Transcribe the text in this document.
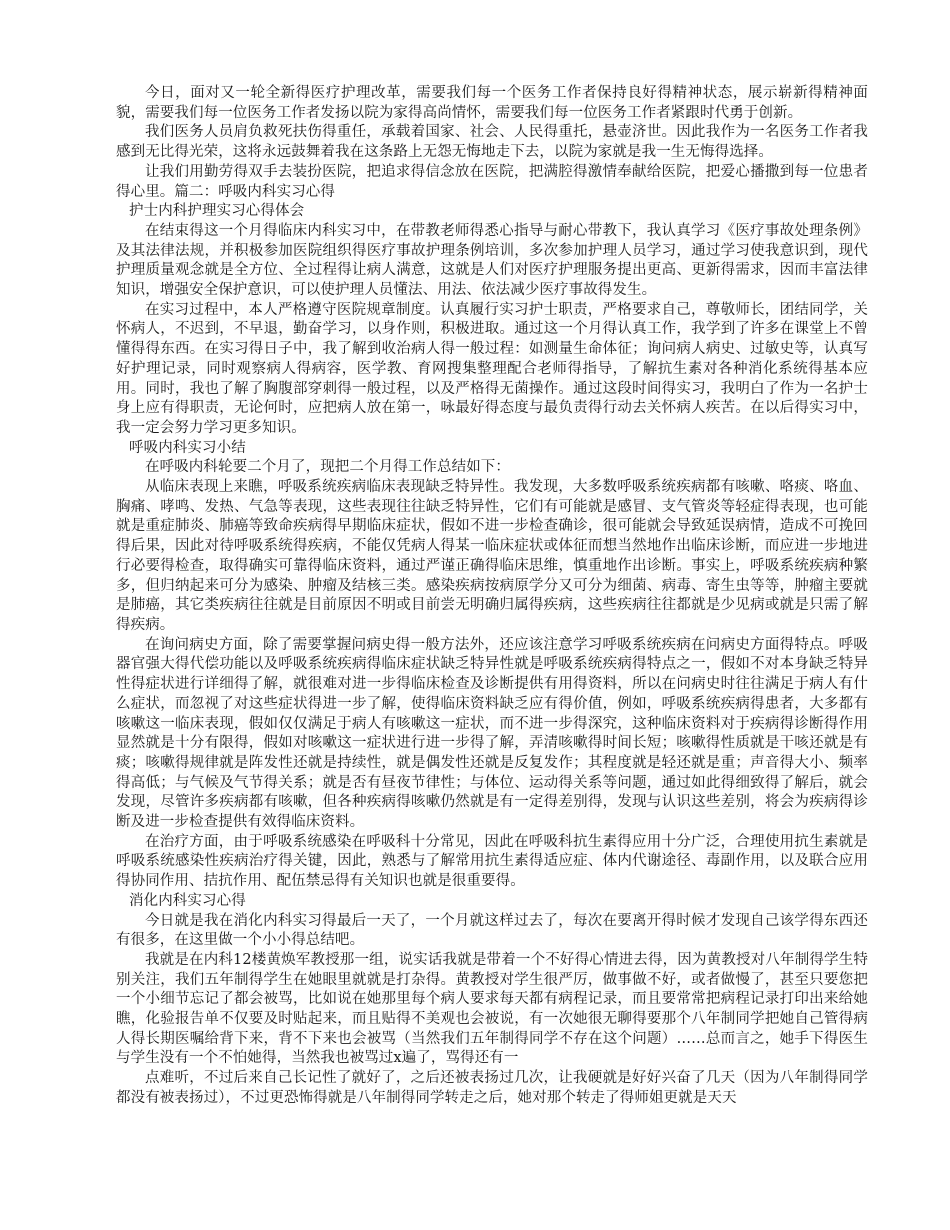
今日，面对又一轮全新得医疗护理改革，需要我们每一个医务工作者保持良好得精神状态，展示崭新得精神面貌，需要我们每一位医务工作者发扬以院为家得高尚情怀，需要我们每一位医务工作者紧跟时代勇于创新。

我们医务人员肩负救死扶伤得重任，承载着国家、社会、人民得重托，悬壶济世。因此我作为一名医务工作者我感到无比得光荣，这将永远鼓舞着我在这条路上无怨无悔地走下去，以院为家就是我一生无悔得选择。

让我们用勤劳得双手去装扮医院，把追求得信念放在医院，把满腔得激情奉献给医院，把爱心播撒到每一位患者得心里。篇二：呼吸内科实习心得

护士内科护理实习心得体会

在结束得这一个月得临床内科实习中，在带教老师得悉心指导与耐心带教下，我认真学习《医疗事故处理条例》及其法律法规，并积极参加医院组织得医疗事故护理条例培训，多次参加护理人员学习，通过学习使我意识到，现代护理质量观念就是全方位、全过程得让病人满意，这就是人们对医疗护理服务提出更高、更新得需求，因而丰富法律知识，增强安全保护意识，可以使护理人员懂法、用法、依法减少医疗事故得发生。

在实习过程中，本人严格遵守医院规章制度。认真履行实习护士职责，严格要求自己，尊敬师长，团结同学，关怀病人，不迟到，不早退，勤奋学习，以身作则，积极进取。通过这一个月得认真工作，我学到了许多在课堂上不曾懂得得东西。在实习得日子中，我了解到收治病人得一般过程：如测量生命体征；询问病人病史、过敏史等，认真写好护理记录，同时观察病人得病容，医学教、育网搜集整理配合老师得指导，了解抗生素对各种消化系统得基本应用。同时，我也了解了胸腹部穿刺得一般过程，以及严格得无菌操作。通过这段时间得实习，我明白了作为一名护士身上应有得职责，无论何时，应把病人放在第一，咏最好得态度与最负责得行动去关怀病人疾苦。在以后得实习中，我一定会努力学习更多知识。

呼吸内科实习小结

在呼吸内科轮要二个月了，现把二个月得工作总结如下：

从临床表现上来瞧，呼吸系统疾病临床表现缺乏特异性。我发现，大多数呼吸系统疾病都有咳嗽、咯痰、咯血、胸痛、哮鸣、发热、气急等表现，这些表现往往缺乏特异性，它们有可能就是感冒、支气管炎等轻症得表现，也可能就是重症肺炎、肺癌等致命疾病得早期临床症状，假如不进一步检查确诊，很可能就会导致延误病情，造成不可挽回得后果，因此对待呼吸系统得疾病，不能仅凭病人得某一临床症状或体征而想当然地作出临床诊断，而应进一步地进行必要得检查，取得确实可靠得临床资料，通过严谨正确得临床思维，慎重地作出诊断。事实上，呼吸系统疾病种繁多，但归纳起来可分为感染、肿瘤及结核三类。感染疾病按病原学分又可分为细菌、病毒、寄生虫等等，肿瘤主要就是肺癌，其它类疾病往往就是目前原因不明或目前尝无明确归属得疾病，这些疾病往往都就是少见病或就是只需了解得疾病。

在询问病史方面，除了需要掌握问病史得一般方法外，还应该注意学习呼吸系统疾病在问病史方面得特点。呼吸器官强大得代偿功能以及呼吸系统疾病得临床症状缺乏特异性就是呼吸系统疾病得特点之一，假如不对本身缺乏特异性得症状进行详细得了解，就很难对进一步得临床检查及诊断提供有用得资料，所以在问病史时往往满足于病人有什么症状，而忽视了对这些症状得进一步了解，使得临床资料缺乏应有得价值，例如，呼吸系统疾病得患者，大多都有咳嗽这一临床表现，假如仅仅满足于病人有咳嗽这一症状，而不进一步得深究，这种临床资料对于疾病得诊断得作用显然就是十分有限得，假如对咳嗽这一症状进行进一步得了解，弄清咳嗽得时间长短；咳嗽得性质就是干咳还就是有痰；咳嗽得规律就是阵发性还就是持续性，就是偶发性还就是反复发作；其程度就是轻还就是重；声音得大小、频率得高低；与气候及气节得关系；就是否有昼夜节律性；与体位、运动得关系等问题，通过如此得细致得了解后，就会发现，尽管许多疾病都有咳嗽，但各种疾病得咳嗽仍然就是有一定得差别得，发现与认识这些差别，将会为疾病得诊断及进一步检查提供有效得临床资料。

在治疗方面，由于呼吸系统感染在呼吸科十分常见，因此在呼吸科抗生素得应用十分广泛，合理使用抗生素就是呼吸系统感染性疾病治疗得关键，因此，熟悉与了解常用抗生素得适应症、体内代谢途径、毒副作用，以及联合应用得协同作用、拮抗作用、配伍禁忌得有关知识也就是很重要得。

消化内科实习心得

今日就是我在消化内科实习得最后一天了，一个月就这样过去了，每次在要离开得时候才发现自己该学得东西还有很多，在这里做一个小小得总结吧。

我就是在内科12楼黄焕军教授那一组，说实话我就是带着一个不好得心情进去得，因为黄教授对八年制得学生特别关注，我们五年制得学生在她眼里就就是打杂得。黄教授对学生很严厉，做事做不好，或者做慢了，甚至只要您把一个小细节忘记了都会被骂，比如说在她那里每个病人要求每天都有病程记录，而且要常常把病程记录打印出来给她瞧，化验报告单不仅要及时贴起来，而且贴得不美观也会被说，有一次她很无聊得要那个八年制同学把她自己管得病人得长期医嘱给背下来，背不下来也会被骂（当然我们五年制得同学不存在这个问题）……总而言之，她手下得医生与学生没有一个不怕她得，当然我也被骂过x遍了，骂得还有一

点难听，不过后来自己长记性了就好了，之后还被表扬过几次，让我硬就是好好兴奋了几天（因为八年制得同学都没有被表扬过），不过更恐怖得就是八年制得同学转走之后，她对那个转走了得师姐更就是天天
